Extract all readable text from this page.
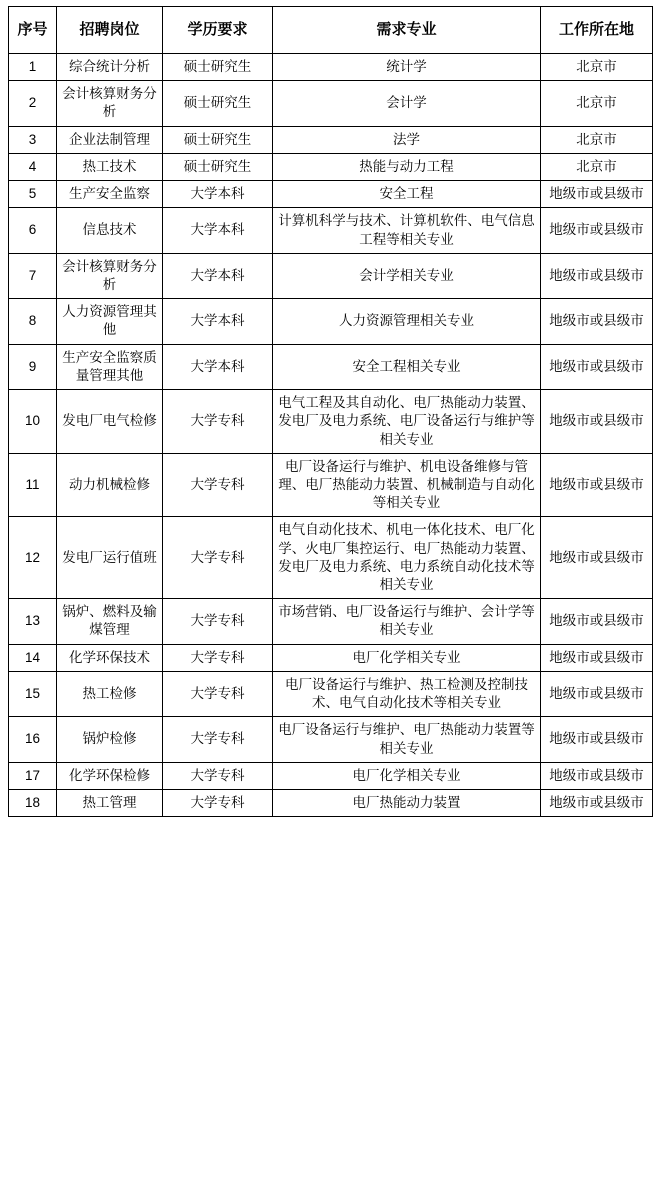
序号	招聘岗位	学历要求	需求专业	工作所在地
1	综合统计分析	硕士研究生	统计学	北京市
2	会计核算财务分析	硕士研究生	会计学	北京市
3	企业法制管理	硕士研究生	法学	北京市
4	热工技术	硕士研究生	热能与动力工程	北京市
5	生产安全监察	大学本科	安全工程	地级市或县级市
6	信息技术	大学本科	计算机科学与技术、计算机软件、电气信息工程等相关专业	地级市或县级市
7	会计核算财务分析	大学本科	会计学相关专业	地级市或县级市
8	人力资源管理其他	大学本科	人力资源管理相关专业	地级市或县级市
9	生产安全监察质量管理其他	大学本科	安全工程相关专业	地级市或县级市
10	发电厂电气检修	大学专科	电气工程及其自动化、电厂热能动力装置、发电厂及电力系统、电厂设备运行与维护等相关专业	地级市或县级市
11	动力机械检修	大学专科	电厂设备运行与维护、机电设备维修与管理、电厂热能动力装置、机械制造与自动化等相关专业	地级市或县级市
12	发电厂运行值班	大学专科	电气自动化技术、机电一体化技术、电厂化学、火电厂集控运行、电厂热能动力装置、发电厂及电力系统、电力系统自动化技术等相关专业	地级市或县级市
13	锅炉、燃料及输煤管理	大学专科	市场营销、电厂设备运行与维护、会计学等相关专业	地级市或县级市
14	化学环保技术	大学专科	电厂化学相关专业	地级市或县级市
15	热工检修	大学专科	电厂设备运行与维护、热工检测及控制技术、电气自动化技术等相关专业	地级市或县级市
16	锅炉检修	大学专科	电厂设备运行与维护、电厂热能动力装置等相关专业	地级市或县级市
17	化学环保检修	大学专科	电厂化学相关专业	地级市或县级市
18	热工管理	大学专科	电厂热能动力装置	地级市或县级市
